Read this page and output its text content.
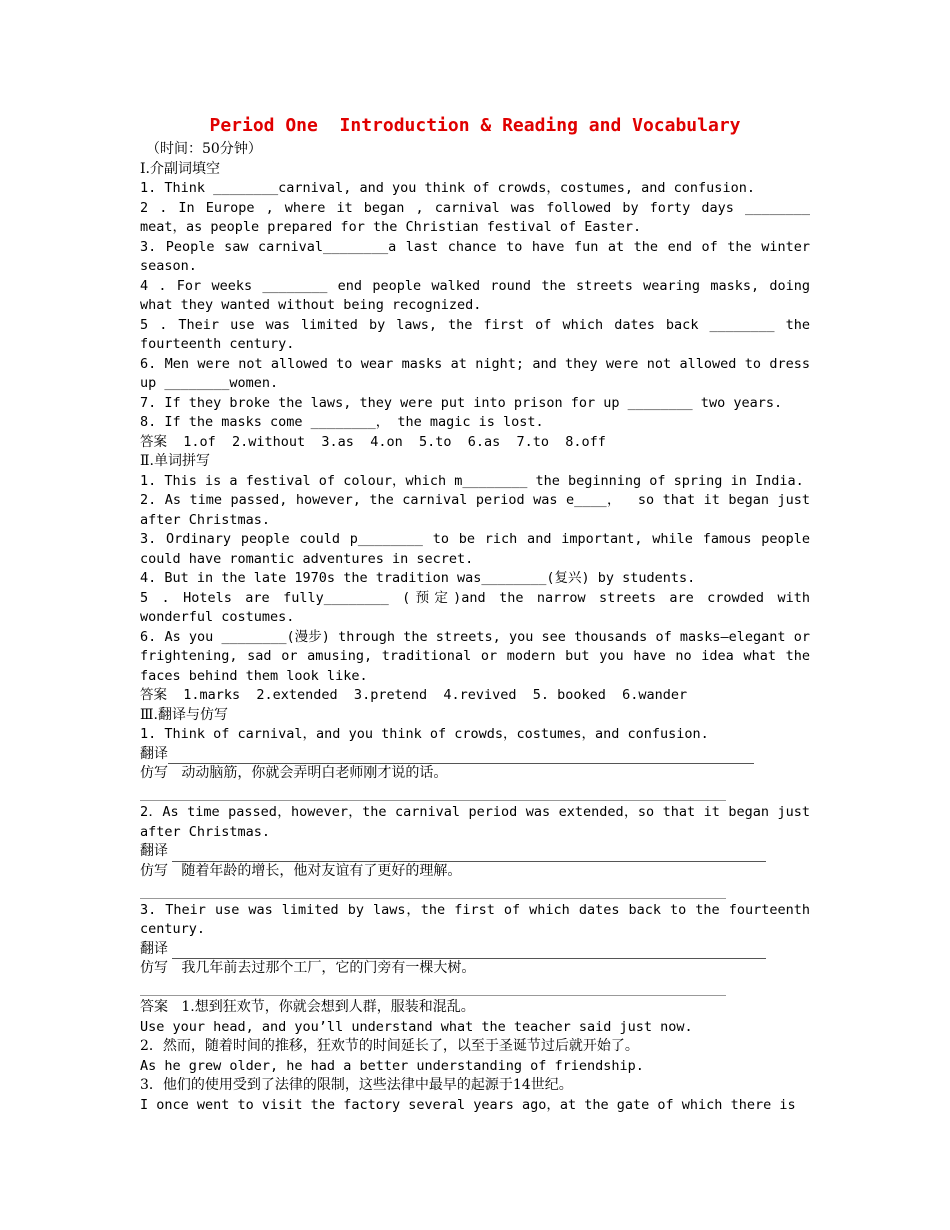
Period One  Introduction & Reading and Vocabulary
（时间：50分钟）
Ⅰ.介副词填空
1. Think ________carnival, and you think of crowds，costumes, and confusion.
2 . In Europe , where it began , carnival was followed by forty days ________ meat，as people prepared for the Christian festival of Easter.
3. People saw carnival________a last chance to have fun at the end of the winter season.
4 . For weeks ________ end people walked round the streets wearing masks, doing what they wanted without being recognized.
5 . Their use was limited by laws, the first of which dates back ________ the fourteenth century.
6. Men were not allowed to wear masks at night; and they were not allowed to dress up ________women.
7. If they broke the laws, they were put into prison for up ________ two years.
8. If the masks come ________， the magic is lost.
答案  1.of  2.without  3.as  4.on  5.to  6.as  7.to  8.off
Ⅱ.单词拼写
1. This is a festival of colour，which m________ the beginning of spring in India.
2. As time passed, however, the carnival period was e____，  so that it began just after Christmas.
3. Ordinary people could p________ to be rich and important, while famous people could have romantic adventures in secret.
4. But in the late 1970s the tradition was________(复兴) by students.
5 . Hotels are fully________ (预定)and the narrow streets are crowded with wonderful costumes.
6. As you ________(漫步) through the streets, you see thousands of masks—elegant or frightening, sad or amusing, traditional or modern but you have no idea what the faces behind them look like.
答案  1.marks  2.extended  3.pretend  4.revived  5. booked  6.wander
Ⅲ.翻译与仿写
1. Think of carnival，and you think of crowds，costumes，and confusion.
翻译
仿写 动动脑筋，你就会弄明白老师刚才说的话。
2．As time passed，however，the carnival period was extended，so that it began just after Christmas.
翻译
仿写 随着年龄的增长，他对友谊有了更好的理解。
3. Their use was limited by laws，the first of which dates back to the fourteenth century.
翻译
仿写 我几年前去过那个工厂，它的门旁有一棵大树。
答案 1.想到狂欢节，你就会想到人群，服装和混乱。
Use your head, and you’ll understand what the teacher said just now.
2．然而，随着时间的推移，狂欢节的时间延长了，以至于圣诞节过后就开始了。
As he grew older, he had a better understanding of friendship.
3．他们的使用受到了法律的限制，这些法律中最早的起源于14世纪。
I once went to visit the factory several years ago，at the gate of which there is
